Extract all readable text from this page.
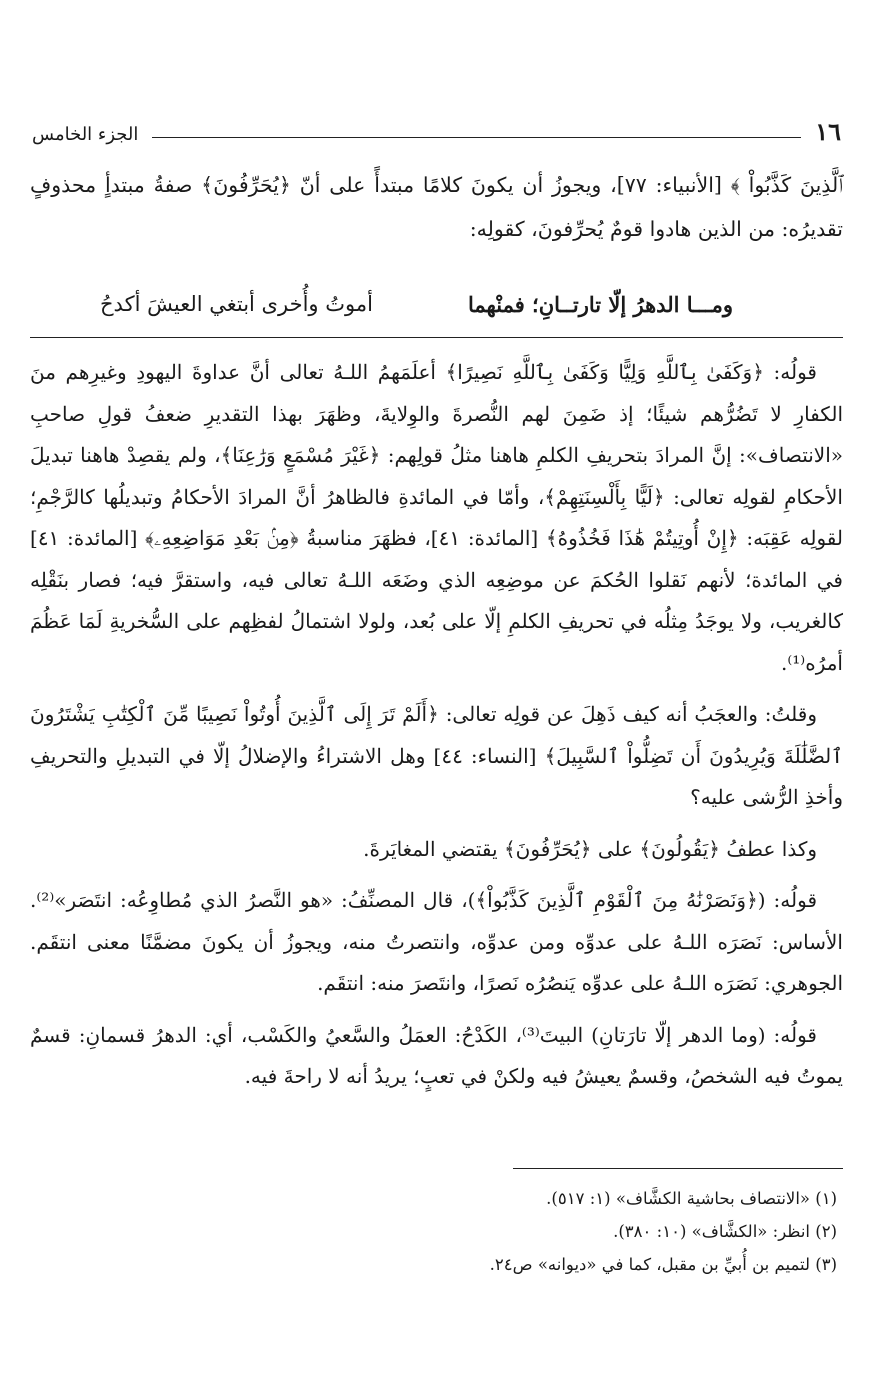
١٦
الجزء الخامس
ﭐﻟَّﺬِﻳﻦَ ﻛَﺬَّﺑُﻮﺍْ ﴾ [الأنبياء: ٧٧]، ويجوزُ أن يكونَ كلامًا مبتدأً على أنّ ﴿يُحَرِّفُونَ﴾ صفةُ مبتدأٍ محذوفٍ تقديرُه: من الذين هادوا قومٌ يُحرِّفونَ، كقولِه:
ومـــا الدهرُ إلّا تارتــانِ؛ فمنْهما
أموتُ وأُخرى أبتغي العيشَ أكدحُ

قولُه: ﴿وَكَفَىٰ بِٱللَّهِ وَلِيًّا وَكَفَىٰ بِٱللَّهِ نَصِيرًا﴾ أعلَمَهمُ اللـهُ تعالى أنَّ عداوةَ اليهودِ وغيرِهم منَ الكفارِ لا تَضُرُّهم شيئًا؛ إذ ضَمِنَ لهم النُّصرةَ والوِلايةَ، وظهَرَ بهذا التقديرِ ضعفُ قولِ صاحبِ «الانتصاف»: إنَّ المرادَ بتحريفِ الكلمِ هاهنا مثلُ قولِهم: ﴿غَيْرَ مُسْمَعٍ وَرَٰعِنَا﴾، ولم يقصِدْ هاهنا تبديلَ الأحكامِ لقولِه تعالى: ﴿لَيًّا بِأَلْسِنَتِهِمْ﴾، وأمّا في المائدةِ فالظاهرُ أنَّ المرادَ الأحكامُ وتبديلُها كالرَّجْمِ؛ لقولِه عَقِبَه: ﴿إِنْ أُوتِيتُمْ هَٰذَا فَخُذُوهُ﴾ [المائدة: ٤١]، فظهَرَ مناسبةُ ﴿مِنۢ بَعْدِ مَوَاضِعِهِۦ﴾ [المائدة: ٤١] في المائدة؛ لأنهم نَقلوا الحُكمَ عن موضِعِه الذي وضَعَه اللـهُ تعالى فيه، واستقرَّ فيه؛ فصار بنَقْلِه كالغريب، ولا يوجَدُ مِثلُه في تحريفِ الكلمِ إلّا على بُعد، ولولا اشتمالُ لفظِهم على السُّخريةِ لَمَا عَظُمَ أمرُه⁽¹⁾.

وقلتُ: والعجَبُ أنه كيف ذَهِلَ عن قولِه تعالى: ﴿أَلَمْ تَرَ إِلَى ٱلَّذِينَ أُوتُواْ نَصِيبًا مِّنَ ٱلْكِتَٰبِ يَشْتَرُونَ ٱلضَّلَٰلَةَ وَيُرِيدُونَ أَن تَضِلُّواْ ٱلسَّبِيلَ﴾ [النساء: ٤٤] وهل الاشتراءُ والإضلالُ إلّا في التبديلِ والتحريفِ وأخذِ الرُّشى عليه؟

وكذا عطفُ ﴿يَقُولُونَ﴾ على ﴿يُحَرِّفُونَ﴾ يقتضي المغايَرةَ.

قولُه: (﴿وَنَصَرْنَٰهُ مِنَ ٱلْقَوْمِ ٱلَّذِينَ كَذَّبُواْ﴾)، قال المصنِّفُ: «هو النَّصرُ الذي مُطاوِعُه: انتَصَر»⁽²⁾. الأساس: نَصَرَه اللـهُ على عدوِّه ومن عدوِّه، وانتصرتُ منه، ويجوزُ أن يكونَ مضمَّنًا معنى انتقَم. الجوهري: نَصَرَه اللـهُ على عدوِّه يَنصُرُه نَصرًا، وانتَصرَ منه: انتقَم.

قولُه: (وما الدهر إلّا تارَتانِ) البيتَ⁽³⁾، الكَدْحُ: العمَلُ والسَّعيُ والكَسْب، أي: الدهرُ قسمانِ: قسمٌ يموتُ فيه الشخصُ، وقسمٌ يعيشُ فيه ولكنْ في تعبٍ؛ يريدُ أنه لا راحةَ فيه.

(١) «الانتصاف بحاشية الكشَّاف» (١: ٥١٧).
(٢) انظر: «الكشَّاف» (١٠: ٣٨٠).
(٣) لتميم بن أُبيِّ بن مقبل، كما في «ديوانه» ص٢٤.
